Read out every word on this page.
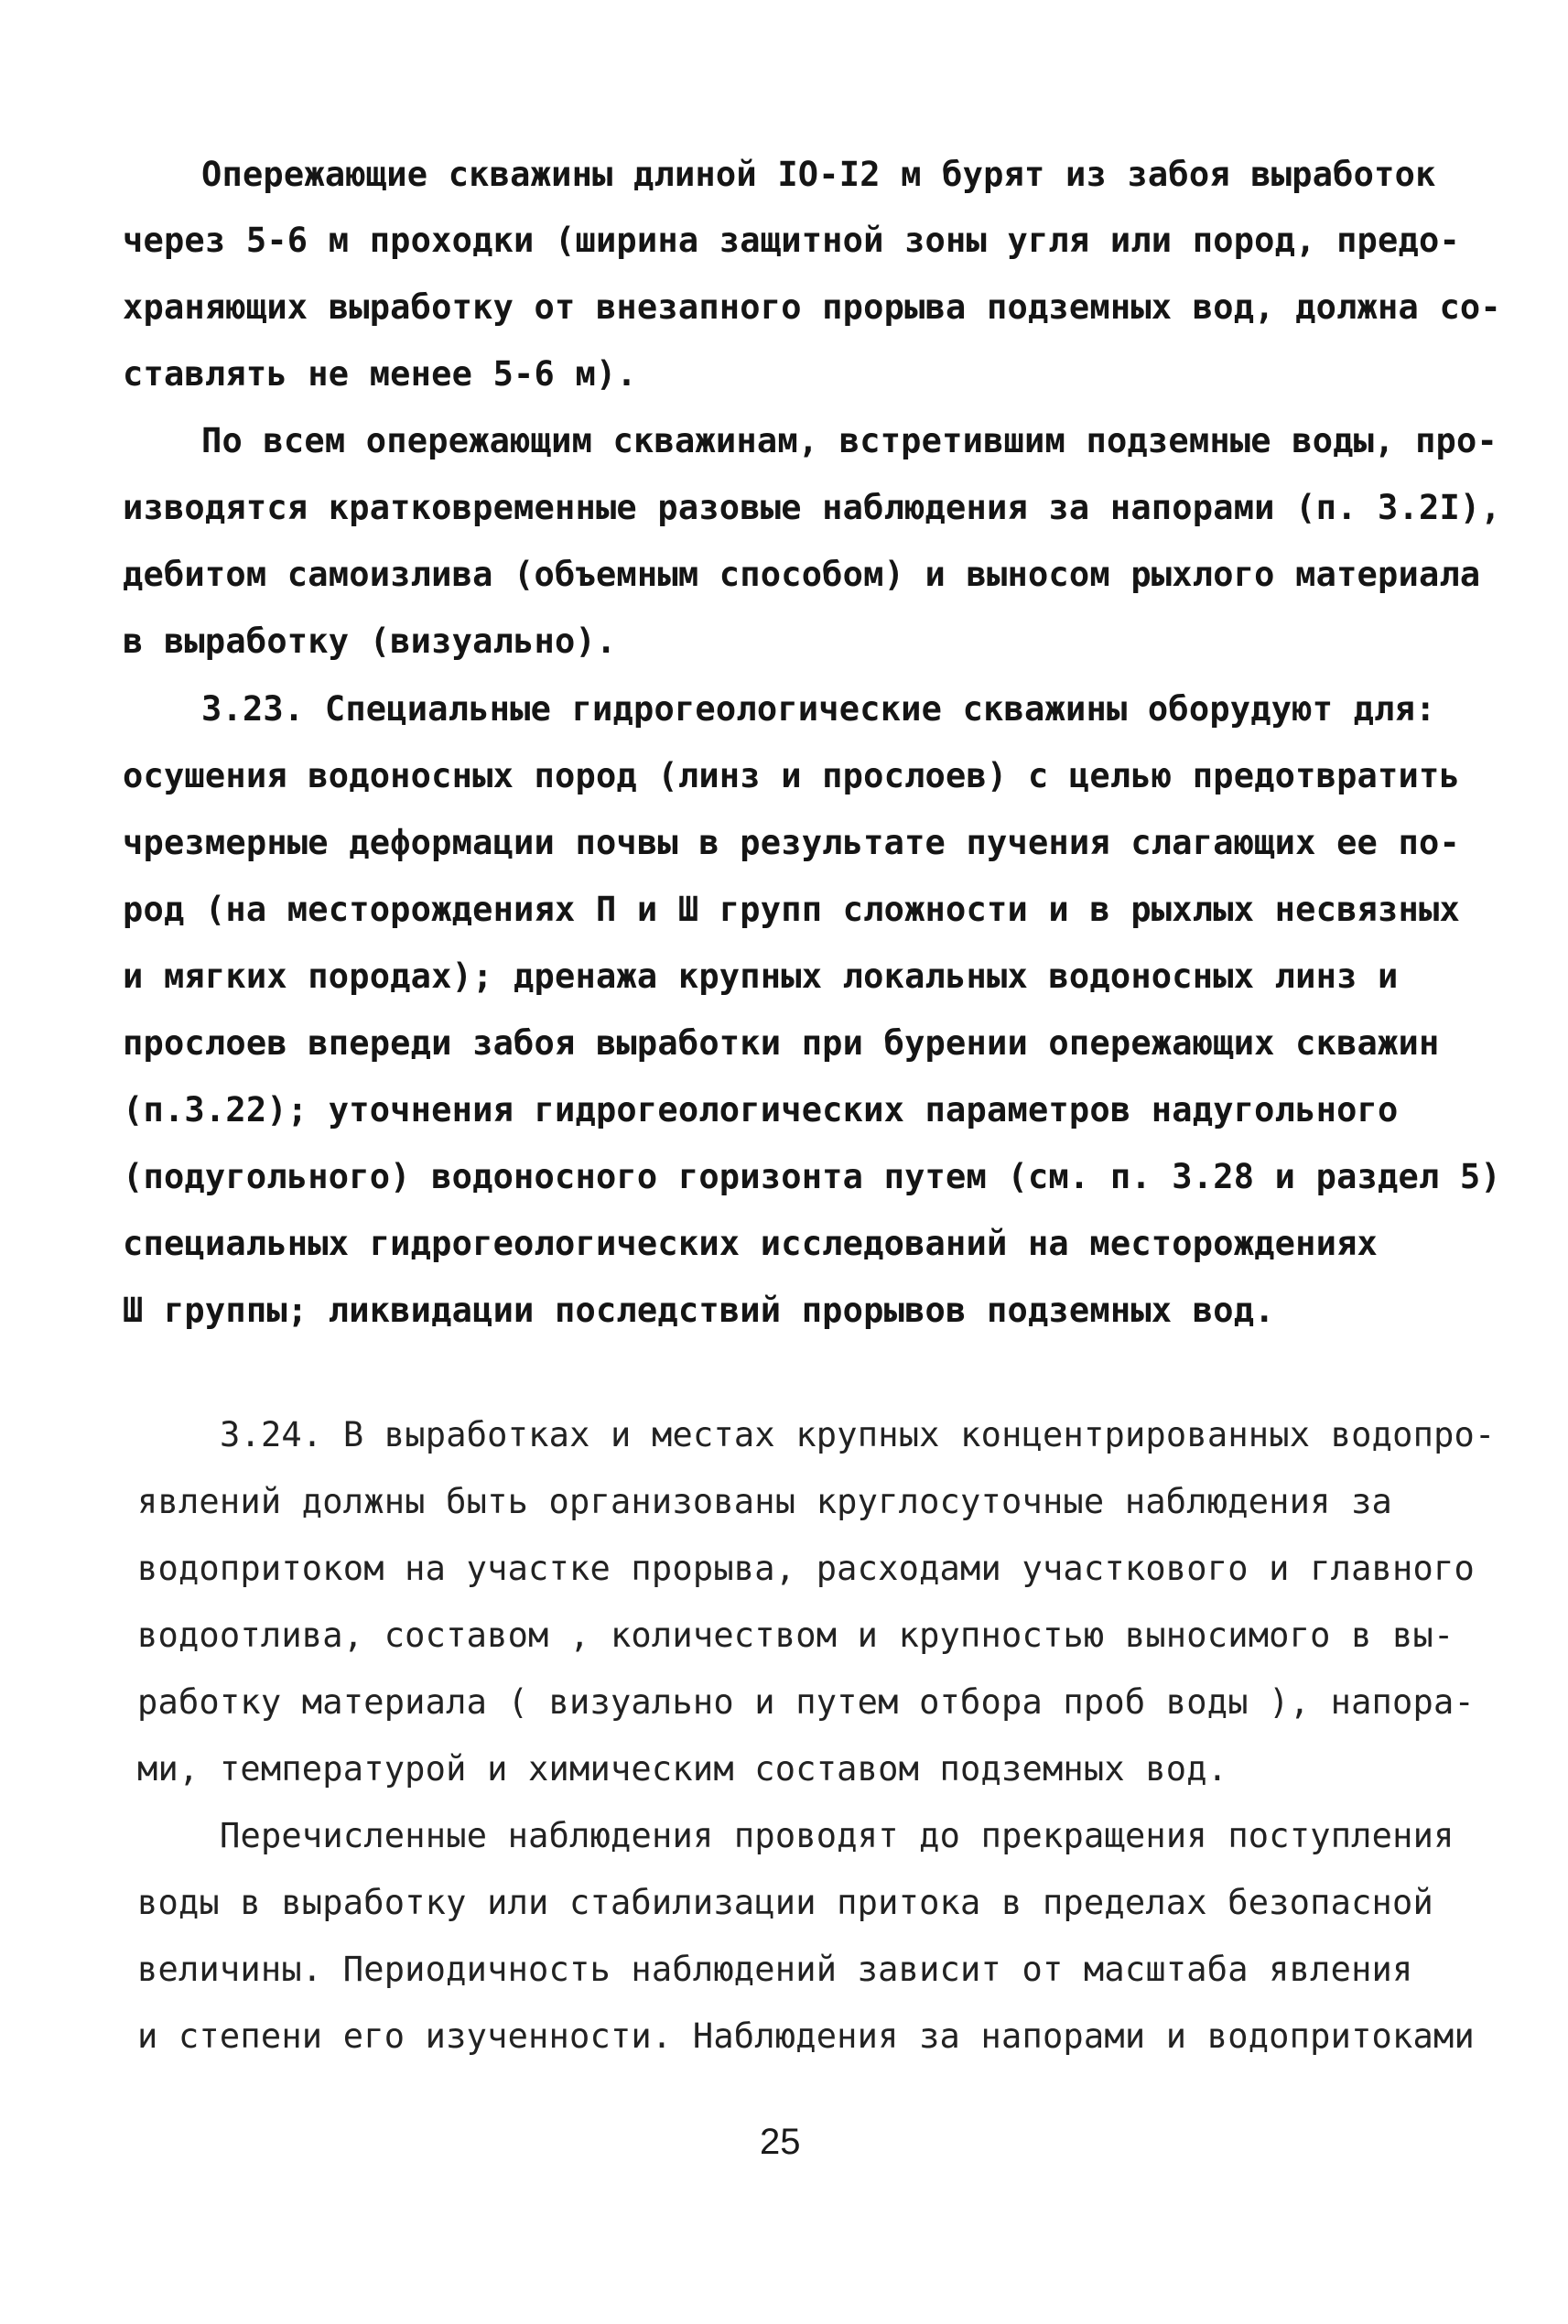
Опережающие скважины длиной IO-I2 м бурят из забоя выработок
через 5-6 м проходки (ширина защитной зоны угля или пород, предо-
храняющих выработку от внезапного прорыва подземных вод, должна со-
ставлять не менее 5-6 м).
По всем опережающим скважинам, встретившим подземные воды, про-
изводятся кратковременные разовые наблюдения за напорами (п. 3.2I),
дебитом самоизлива (объемным способом) и выносом рыхлого материала
в выработку (визуально).
3.23. Специальные гидрогеологические скважины оборудуют для:
осушения водоносных пород (линз и прослоев) с целью предотвратить
чрезмерные деформации почвы в результате пучения слагающих ее по-
род (на месторождениях П и Ш групп сложности и в рыхлых несвязных
и мягких породах); дренажа крупных локальных водоносных линз и
прослоев впереди забоя выработки при бурении опережающих скважин
(п.3.22); уточнения гидрогеологических параметров надугольного
(подугольного) водоносного горизонта путем (см. п. 3.28 и раздел 5)
специальных гидрогеологических исследований на месторождениях
Ш группы; ликвидации последствий прорывов подземных вод.
3.24. В выработках и местах крупных концентрированных водопро-
явлений должны быть организованы круглосуточные наблюдения за
водопритоком на участке прорыва, расходами участкового и главного
водоотлива, составом , количеством и крупностью выносимого в вы-
работку материала ( визуально и путем отбора проб воды ), напора-
ми, температурой и химическим составом подземных вод.
Перечисленные наблюдения проводят до прекращения поступления
воды в выработку или стабилизации притока в пределах безопасной
величины. Периодичность наблюдений зависит от масштаба явления
и степени его изученности. Наблюдения за напорами и водопритоками
25
